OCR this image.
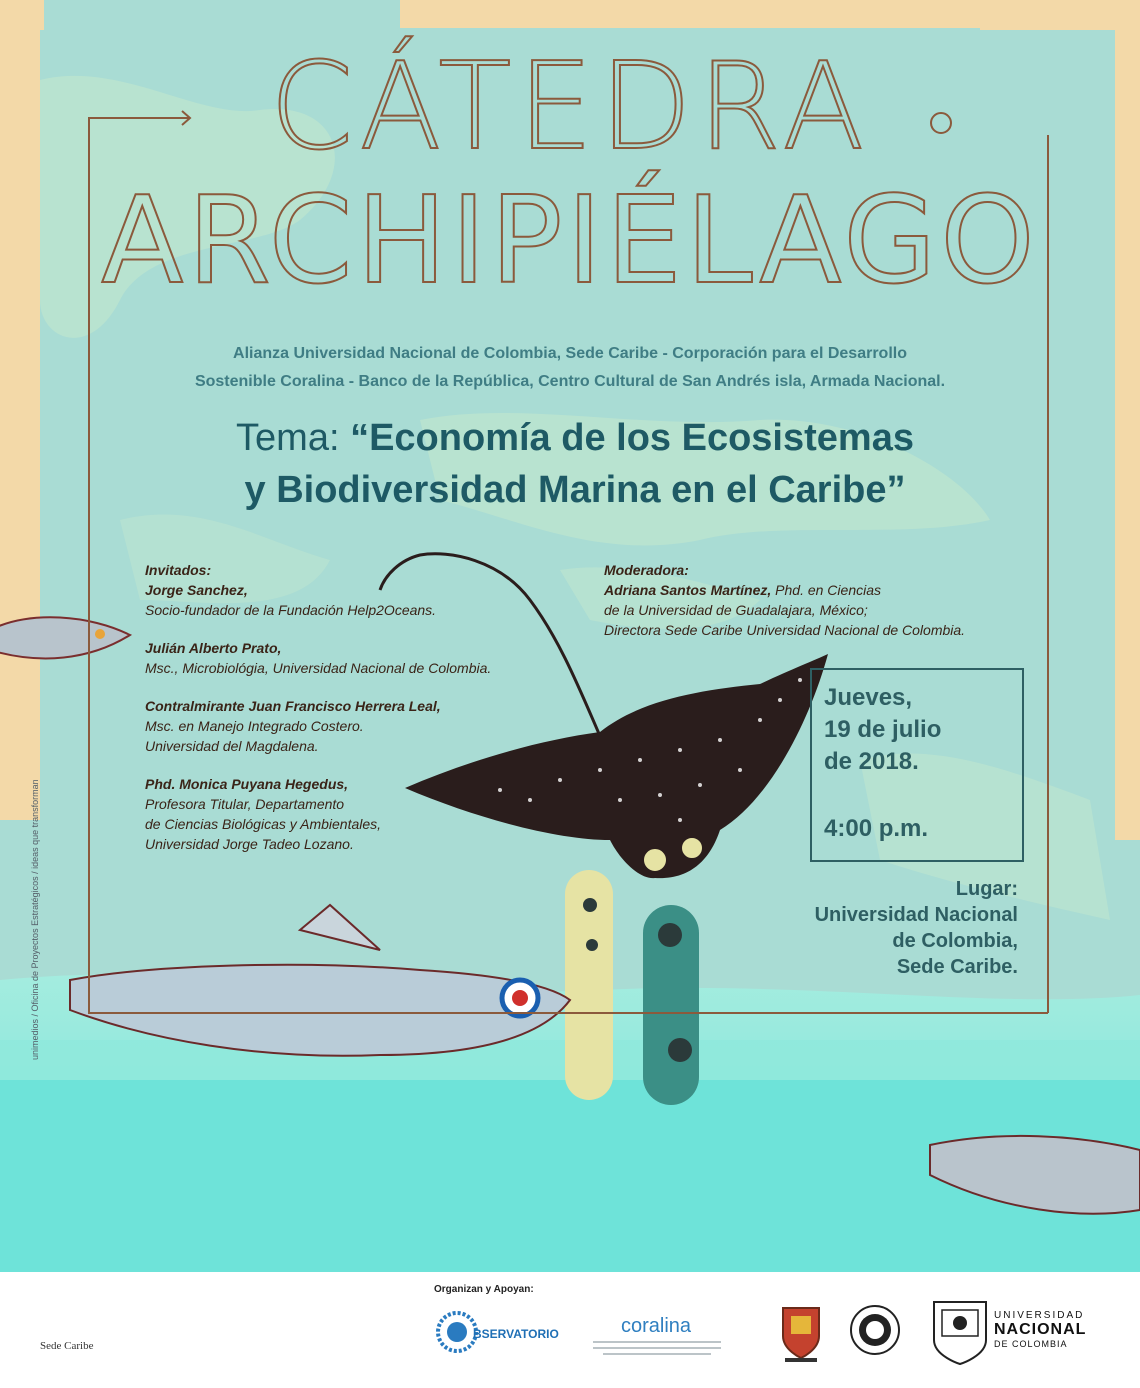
CÁTEDRA
ARCHIPIÉLAGO
Alianza Universidad Nacional de Colombia, Sede Caribe - Corporación para el Desarrollo
Sostenible Coralina - Banco de la República, Centro Cultural de San Andrés isla, Armada Nacional.
Tema: “Economía de los Ecosistemas
y Biodiversidad Marina en el Caribe”
Invitados:
Jorge Sanchez,
Socio-fundador de la Fundación Help2Oceans.
Julián Alberto Prato,
Msc., Microbiológia, Universidad Nacional de Colombia.
Contralmirante Juan Francisco Herrera Leal,
Msc. en Manejo Integrado Costero.
Universidad del Magdalena.
Phd. Monica Puyana Hegedus,
Profesora Titular, Departamento
de Ciencias Biológicas y Ambientales,
Universidad Jorge Tadeo Lozano.
Moderadora:
Adriana Santos Martínez, Phd. en Ciencias
de la Universidad de Guadalajara, México;
Directora Sede Caribe Universidad Nacional de Colombia.
Jueves,
19 de julio
de 2018.
4:00 p.m.
Lugar:
Universidad Nacional
de Colombia,
Sede Caribe.
unimedios / Oficina de Proyectos Estratégicos / ideas que transforman
Organizan y Apoyan:
Sede Caribe
BSERVATORIO	coralina	UNIVERSIDAD
NACIONAL
DE COLOMBIA
